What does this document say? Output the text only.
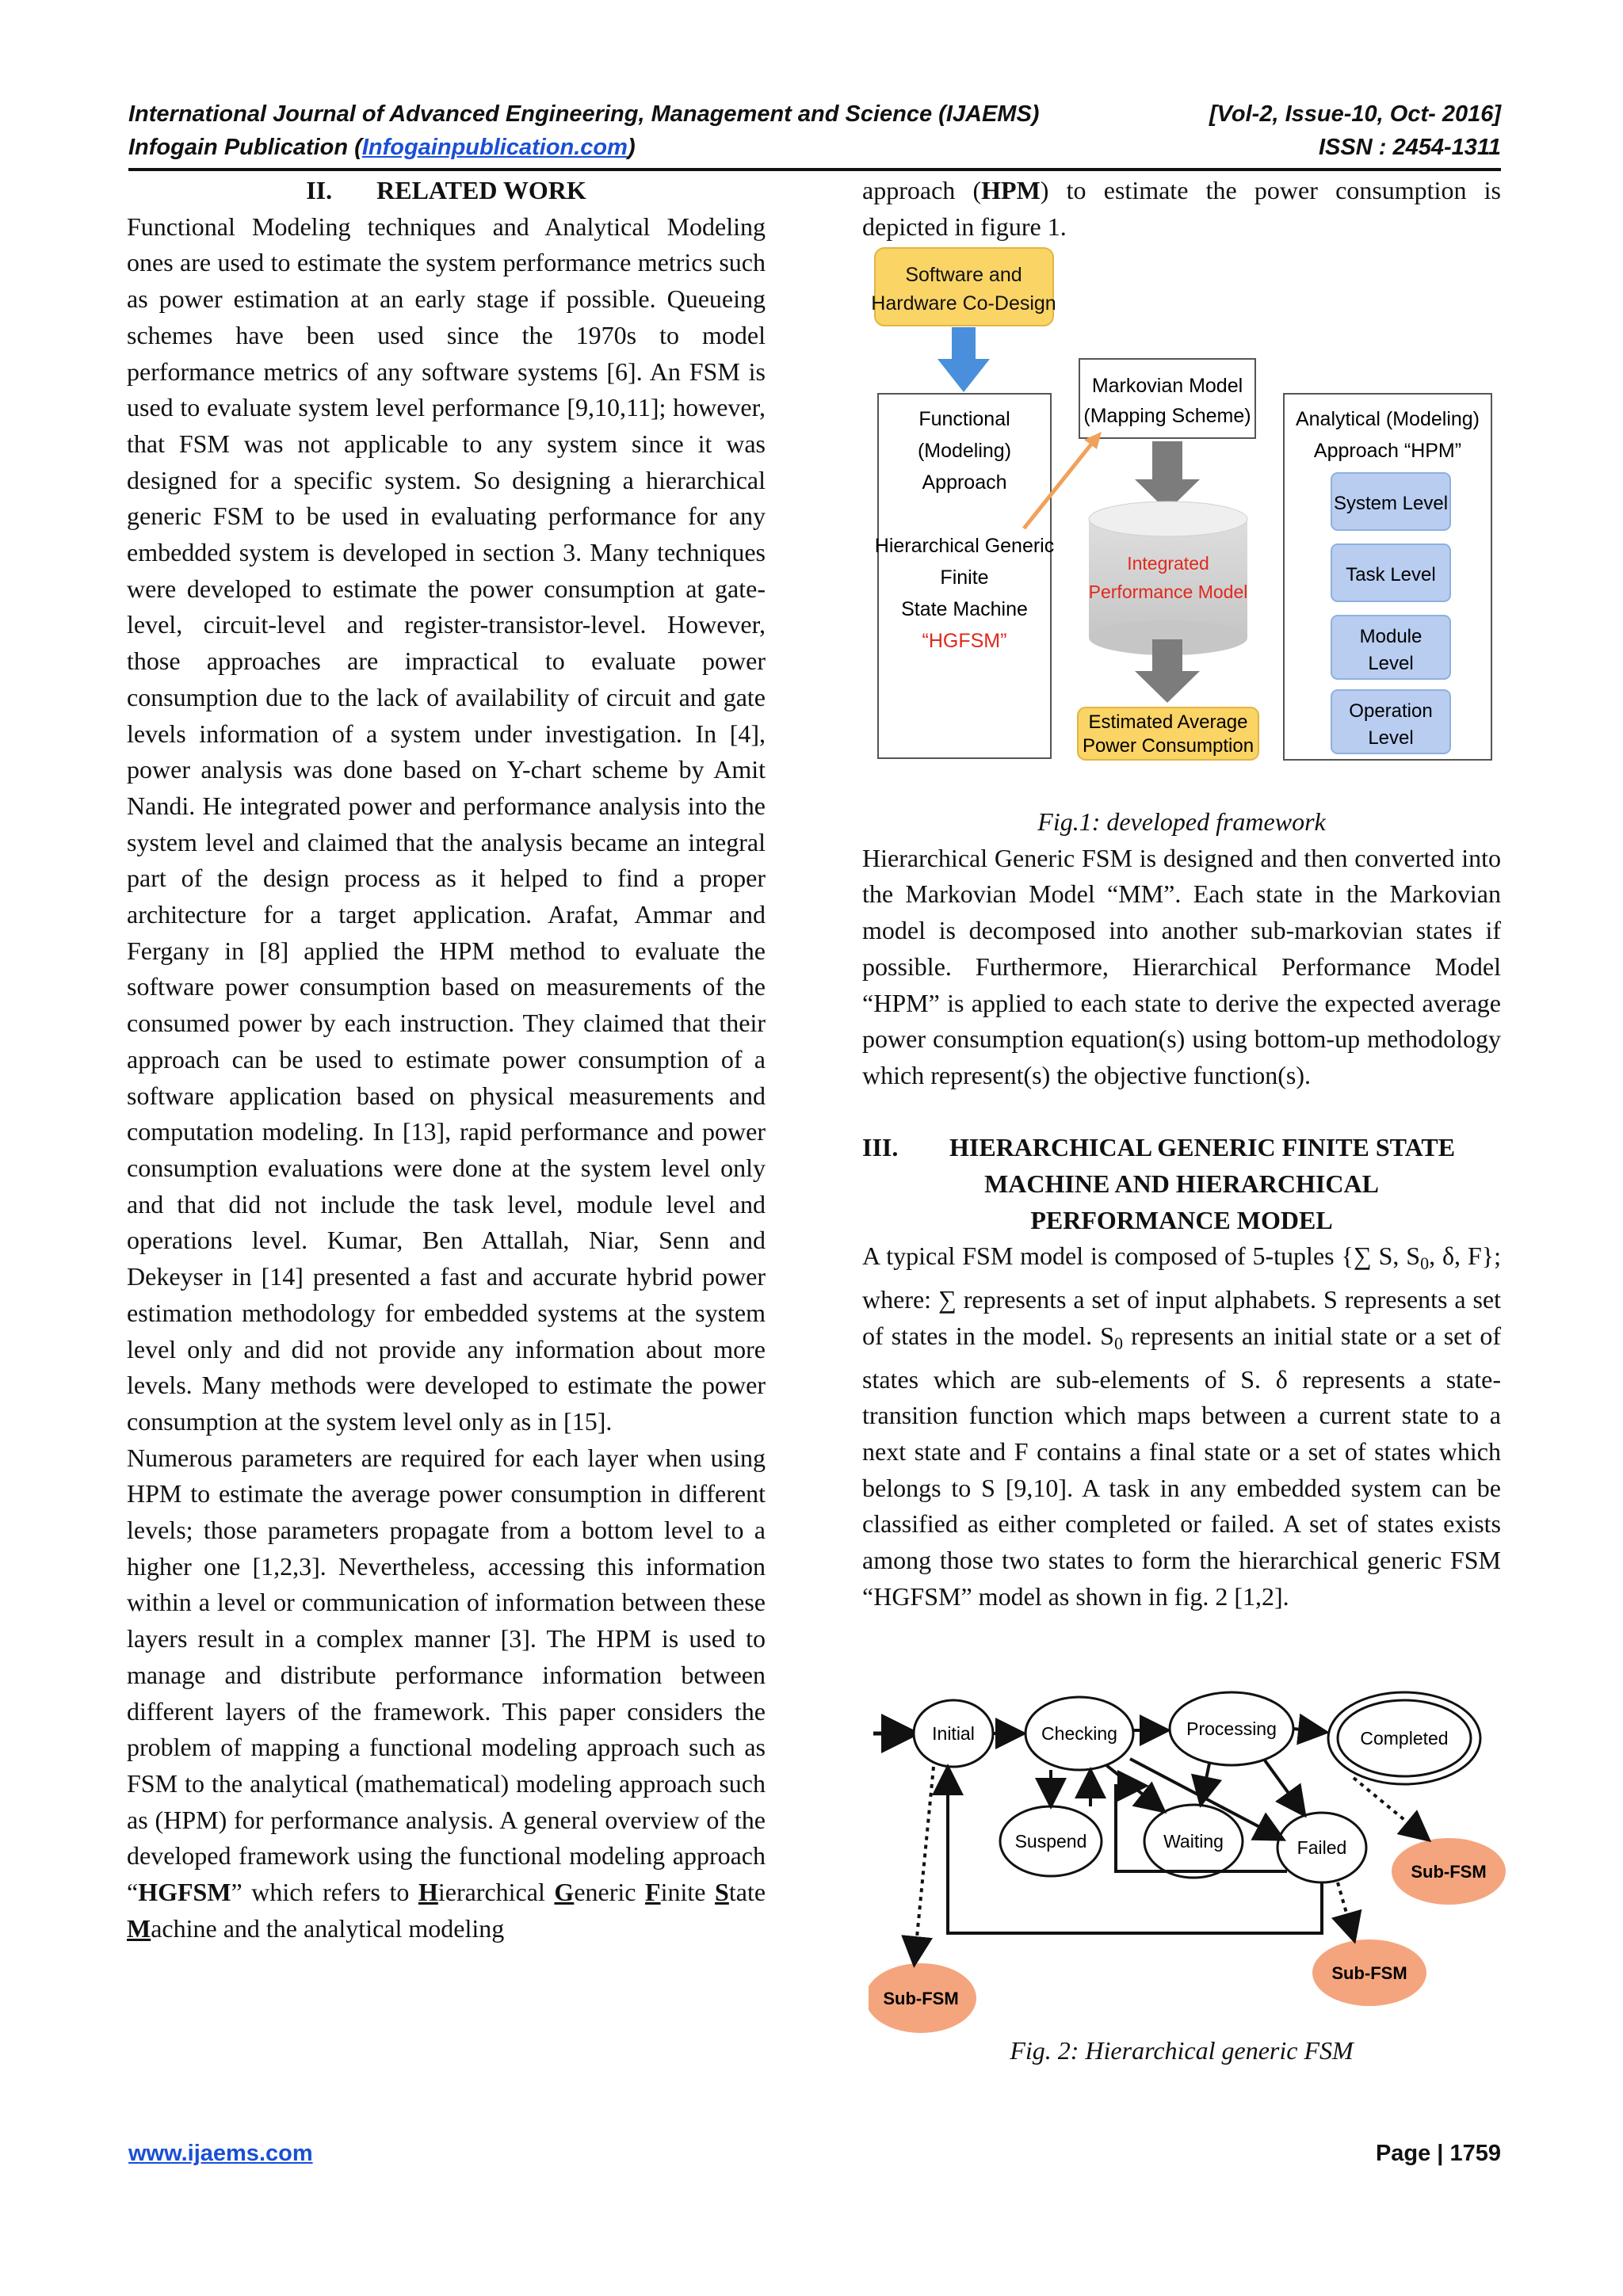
International Journal of Advanced Engineering, Management and Science (IJAEMS)	[Vol-2, Issue-10, Oct- 2016]
Infogain Publication (Infogainpublication.com)	ISSN : 2454-1311

II. RELATED WORK

Functional Modeling techniques and Analytical Modeling ones are used to estimate the system performance metrics such as power estimation at an early stage if possible. Queueing schemes have been used since the 1970s to model performance metrics of any software systems [6]. An FSM is used to evaluate system level performance [9,10,11]; however, that FSM was not applicable to any system since it was designed for a specific system. So designing a hierarchical generic FSM to be used in evaluating performance for any embedded system is developed in section 3. Many techniques were developed to estimate the power consumption at gate-level, circuit-level and register-transistor-level. However, those approaches are impractical to evaluate power consumption due to the lack of availability of circuit and gate levels information of a system under investigation. In [4], power analysis was done based on Y-chart scheme by Amit Nandi. He integrated power and performance analysis into the system level and claimed that the analysis became an integral part of the design process as it helped to find a proper architecture for a target application. Arafat, Ammar and Fergany in [8] applied the HPM method to evaluate the software power consumption based on measurements of the consumed power by each instruction. They claimed that their approach can be used to estimate power consumption of a software application based on physical measurements and computation modeling. In [13], rapid performance and power consumption evaluations were done at the system level only and that did not include the task level, module level and operations level. Kumar, Ben Attallah, Niar, Senn and Dekeyser in [14] presented a fast and accurate hybrid power estimation methodology for embedded systems at the system level only and did not provide any information about more levels. Many methods were developed to estimate the power consumption at the system level only as in [15].

Numerous parameters are required for each layer when using HPM to estimate the average power consumption in different levels; those parameters propagate from a bottom level to a higher one [1,2,3]. Nevertheless, accessing this information within a level or communication of information between these layers result in a complex manner [3]. The HPM is used to manage and distribute performance information between different layers of the framework. This paper considers the problem of mapping a functional modeling approach such as FSM to the analytical (mathematical) modeling approach such as (HPM) for performance analysis. A general overview of the developed framework using the functional modeling approach “HGFSM” which refers to Hierarchical Generic Finite State Machine and the analytical modeling

approach (HPM) to estimate the power consumption is depicted in figure 1.

Software and
Hardware Co-Design
Functional
(Modeling)
Approach
Hierarchical Generic
Finite
State Machine
“HGFSM”
Markovian Model
(Mapping Scheme)
Integrated
Performance Model
Estimated Average
Power Consumption
Analytical (Modeling)
Approach “HPM”
System Level
Task Level
Module
Level
Operation
Level

Fig.1: developed framework

Hierarchical Generic FSM is designed and then converted into the Markovian Model “MM”. Each state in the Markovian model is decomposed into another sub-markovian states if possible. Furthermore, Hierarchical Performance Model “HPM” is applied to each state to derive the expected average power consumption equation(s) using bottom-up methodology which represent(s) the objective function(s).

III. HIERARCHICAL GENERIC FINITE STATE

MACHINE AND HIERARCHICAL

PERFORMANCE MODEL

A typical FSM model is composed of 5-tuples {∑ S, $S_0$, δ, F}; where: ∑ represents a set of input alphabets. S represents a set of states in the model. $S_0$ represents an initial state or a set of states which are sub-elements of S. δ represents a state-transition function which maps between a current state to a next state and F contains a final state or a set of states which belongs to S [9,10]. A task in any embedded system can be classified as either completed or failed. A set of states exists among those two states to form the hierarchical generic FSM “HGFSM” model as shown in fig. 2 [1,2].

Initial	Checking	Processing	Completed
Suspend	Waiting	Failed
Sub-FSM
Sub-FSM
Sub-FSM
Fig. 2: Hierarchical generic FSM
www.ijaems.com	Page | 1759
